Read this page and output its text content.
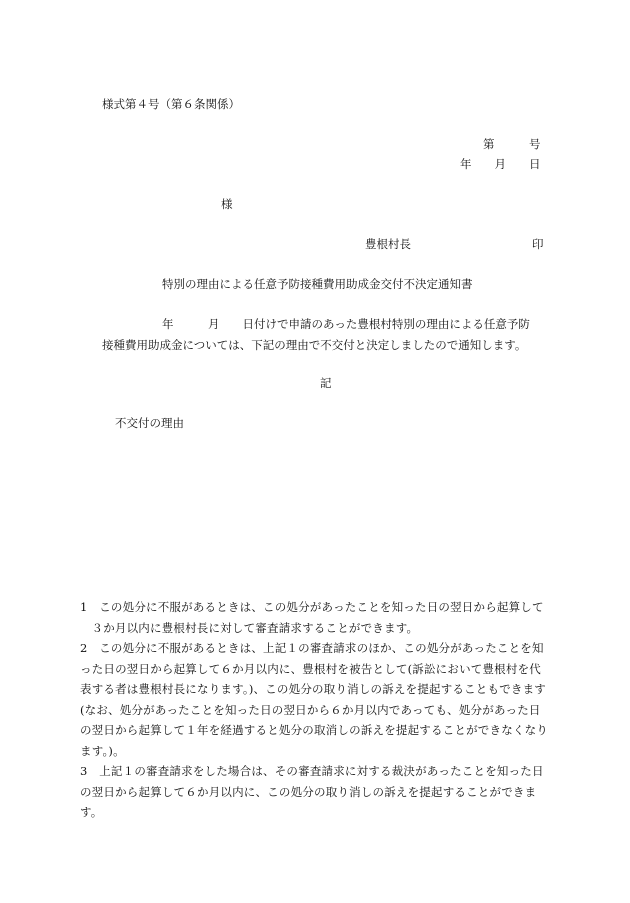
様式第４号（第６条関係）
第　　　号
年　　月　　日
様
豊根村長	印
特別の理由による任意予防接種費用助成金交付不決定通知書
年　　　月　　日付けで申請のあった豊根村特別の理由による任意予防
接種費用助成金については、下記の理由で不交付と決定しましたので通知します。
記
不交付の理由
1　この処分に不服があるときは、この処分があったことを知った日の翌日から起算して３か月以内に豊根村長に対して審査請求することができます。
2　この処分に不服があるときは、上記１の審査請求のほか、この処分があったことを知った日の翌日から起算して６か月以内に、豊根村を被告として(訴訟において豊根村を代表する者は豊根村長になります。)、この処分の取り消しの訴えを提起することもできます(なお、処分があったことを知った日の翌日から６か月以内であっても、処分があった日の翌日から起算して１年を経過すると処分の取消しの訴えを提起することができなくなります。)。
3　上記１の審査請求をした場合は、その審査請求に対する裁決があったことを知った日の翌日から起算して６か月以内に、この処分の取り消しの訴えを提起することができます。
